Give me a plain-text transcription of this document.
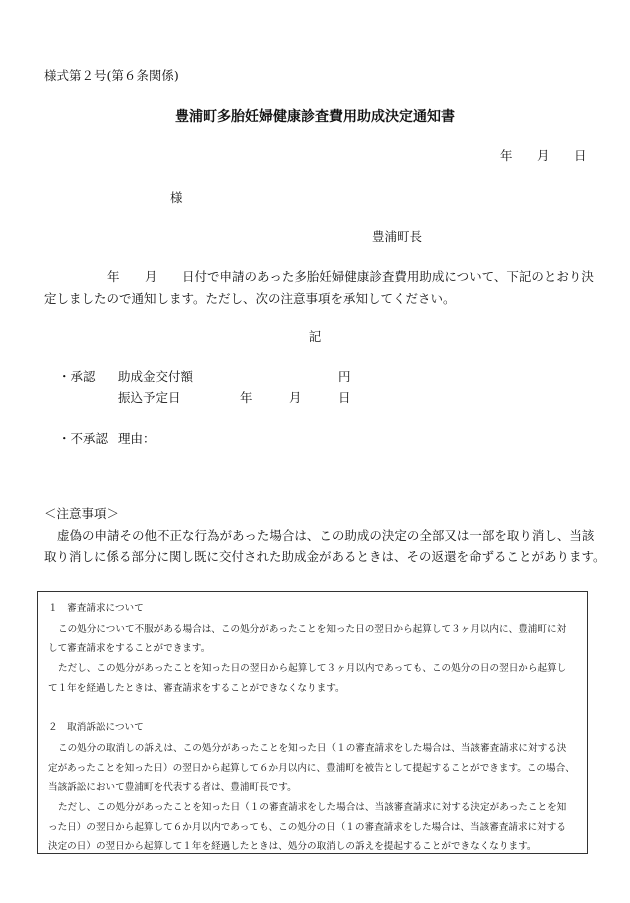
様式第２号(第６条関係)
豊浦町多胎妊婦健康診査費用助成決定通知書
年 月 日
様
豊浦町長
年 月 日付で申請のあった多胎妊婦健康診査費用助成について、下記のとおり決
定しましたので通知します。ただし、次の注意事項を承知してください。
記
・承認 助成金交付額	円
振込予定日	年	月	日
・不承認 理由：
＜注意事項＞
虚偽の申請その他不正な行為があった場合は、この助成の決定の全部又は一部を取り消し、当該
取り消しに係る部分に関し既に交付された助成金があるときは、その返還を命ずることがあります。
１　審査請求について
この処分について不服がある場合は、この処分があったことを知った日の翌日から起算して３ヶ月以内に、豊浦町に対
して審査請求をすることができます。
ただし、この処分があったことを知った日の翌日から起算して３ヶ月以内であっても、この処分の日の翌日から起算し
て１年を経過したときは、審査請求をすることができなくなります。
２　取消訴訟について
この処分の取消しの訴えは、この処分があったことを知った日（１の審査請求をした場合は、当該審査請求に対する決
定があったことを知った日）の翌日から起算して６か月以内に、豊浦町を被告として提起することができます。この場合、
当該訴訟において豊浦町を代表する者は、豊浦町長です。
ただし、この処分があったことを知った日（１の審査請求をした場合は、当該審査請求に対する決定があったことを知
った日）の翌日から起算して６か月以内であっても、この処分の日（１の審査請求をした場合は、当該審査請求に対する
決定の日）の翌日から起算して１年を経過したときは、処分の取消しの訴えを提起することができなくなります。
